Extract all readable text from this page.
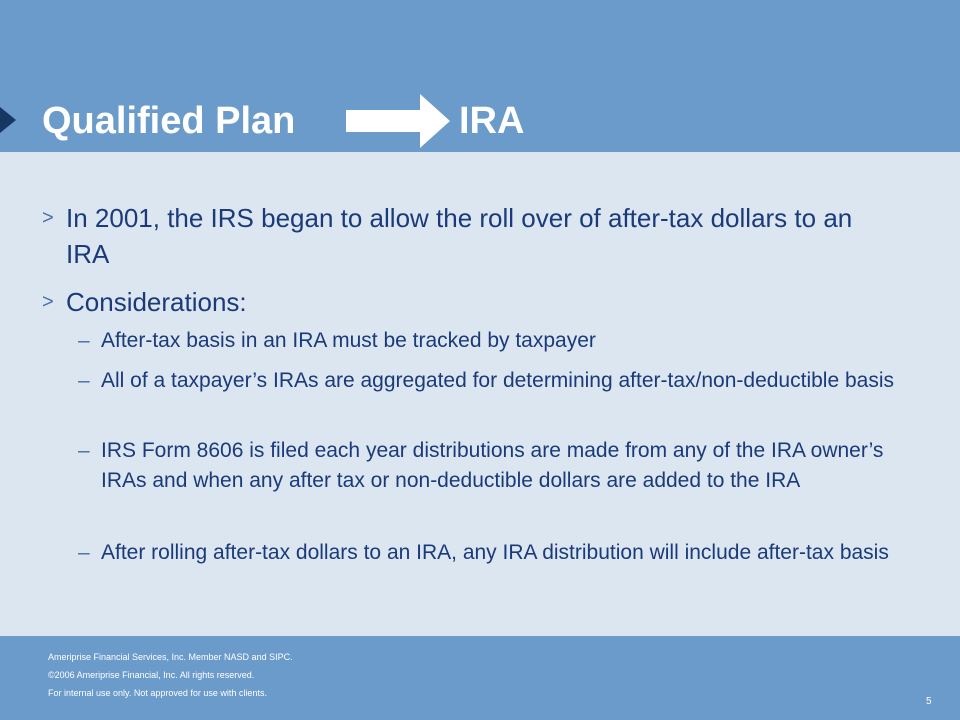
Qualified Plan	IRA
> In 2001, the IRS began to allow the roll over of after-tax dollars to an IRA
> Considerations:
– After-tax basis in an IRA must be tracked by taxpayer
– All of a taxpayer’s IRAs are aggregated for determining after-tax/non-deductible basis
– IRS Form 8606 is filed each year distributions are made from any of the IRA owner’s IRAs and when any after tax or non-deductible dollars are added to the IRA
– After rolling after-tax dollars to an IRA, any IRA distribution will include after-tax basis
Ameriprise Financial Services, Inc. Member NASD and SIPC.
©2006 Ameriprise Financial, Inc. All rights reserved.
For internal use only. Not approved for use with clients.
5
